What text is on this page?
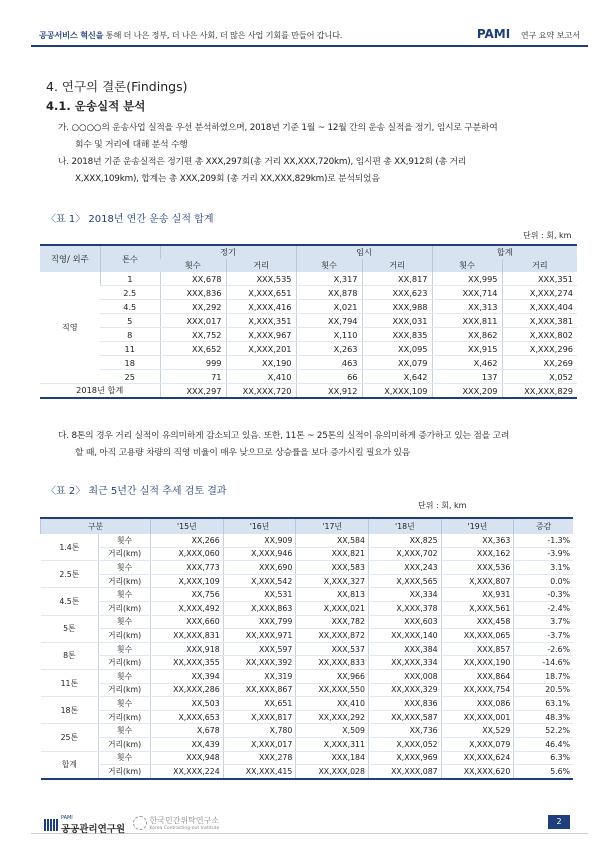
공공서비스 혁신을 통해 더 나은 정부, 더 나은 사회, 더 많은 사업 기회를 만들어 갑니다.	PAMI 연구 요약 보고서
4. 연구의 결론(Findings)
4.1. 운송실적 분석
가. ○○○○의 운송사업 실적을 우선 분석하였으며, 2018년 기준 1월 ~ 12월 간의 운송 실적을 정기, 임시로 구분하여
회수 및 거리에 대해 분석 수행
나. 2018년 기준 운송실적은 정기편 총 XXX,297회(총 거리 XX,XXX,720km), 임시편 총 XX,912회 (총 거리
X,XXX,109km), 합계는 총 XXX,209회 (총 거리 XX,XXX,829km)로 분석되었음
〈표 1〉 2018년 연간 운송 실적 합계
단위 : 회, km
직영/ 외주	톤수	정기		임시		합계	
		횟수	거리	횟수	거리	횟수	거리
직영	1	XX,678	XXX,535	X,317	XX,817	XX,995	XXX,351
	2.5	XXX,836	X,XXX,651	XX,878	XXX,623	XXX,714	X,XXX,274
	4.5	XX,292	X,XXX,416	X,021	XXX,988	XX,313	X,XXX,404
	5	XXX,017	X,XXX,351	XX,794	XXX,031	XXX,811	X,XXX,381
	8	XX,752	X,XXX,967	X,110	XXX,835	XX,862	X,XXX,802
	11	XX,652	X,XXX,201	X,263	XX,095	XX,915	X,XXX,296
	18	999	XX,190	463	XX,079	X,462	XX,269
	25	71	X,410	66	X,642	137	X,052
2018년 합계		XXX,297	XX,XXX,720	XX,912	X,XXX,109	XXX,209	XX,XXX,829
다. 8톤의 경우 거리 실적이 유의미하게 감소되고 있음. 또한, 11톤 ~ 25톤의 실적이 유의미하게 증가하고 있는 점을 고려
할 때, 아직 고용량 차량의 직영 비율이 매우 낮으므로 상승률을 보다 증가시킬 필요가 있음
〈표 2〉 최근 5년간 실적 추세 검토 결과
단위 : 회, km
구분		'15년	'16년	'17년	'18년	'19년	증감
1.4톤	횟수	XX,266	XX,909	XX,584	XX,825	XX,363	-1.3%
	거리(km)	X,XXX,060	X,XXX,946	XXX,821	X,XXX,702	XXX,162	-3.9%
2.5톤	횟수	XXX,773	XXX,690	XXX,583	XXX,243	XXX,536	3.1%
	거리(km)	X,XXX,109	X,XXX,542	X,XXX,327	X,XXX,565	X,XXX,807	0.0%
4.5톤	횟수	XX,756	XX,531	XX,813	XX,334	XX,931	-0.3%
	거리(km)	X,XXX,492	X,XXX,863	X,XXX,021	X,XXX,378	X,XXX,561	-2.4%
5톤	횟수	XXX,660	XXX,799	XXX,782	XXX,603	XXX,458	3.7%
	거리(km)	XX,XXX,831	XX,XXX,971	XX,XXX,872	XX,XXX,140	XX,XXX,065	-3.7%
8톤	횟수	XXX,918	XXX,597	XXX,537	XXX,384	XXX,857	-2.6%
	거리(km)	XX,XXX,355	XX,XXX,392	XX,XXX,833	XX,XXX,334	XX,XXX,190	-14.6%
11톤	횟수	XX,394	XX,319	XX,966	XXX,008	XXX,864	18.7%
	거리(km)	XX,XXX,286	XX,XXX,867	XX,XXX,550	XX,XXX,329	XX,XXX,754	20.5%
18톤	횟수	XX,503	XX,651	XX,410	XXX,836	XXX,086	63.1%
	거리(km)	X,XXX,653	X,XXX,817	XX,XXX,292	XX,XXX,587	XX,XXX,001	48.3%
25톤	횟수	X,678	X,780	X,509	XX,736	XX,529	52.2%
	거리(km)	XX,439	X,XXX,017	X,XXX,311	X,XXX,052	X,XXX,079	46.4%
합계	횟수	XXX,948	XXX,278	XXX,184	X,XXX,969	XX,XXX,624	6.3%
	거리(km)	XX,XXX,224	XX,XXX,415	XX,XXX,028	XX,XXX,087	XX,XXX,620	5.6%

PAMI
공공관리연구원

한국민간위탁연구소
Korea Contracting-out Institute
2
